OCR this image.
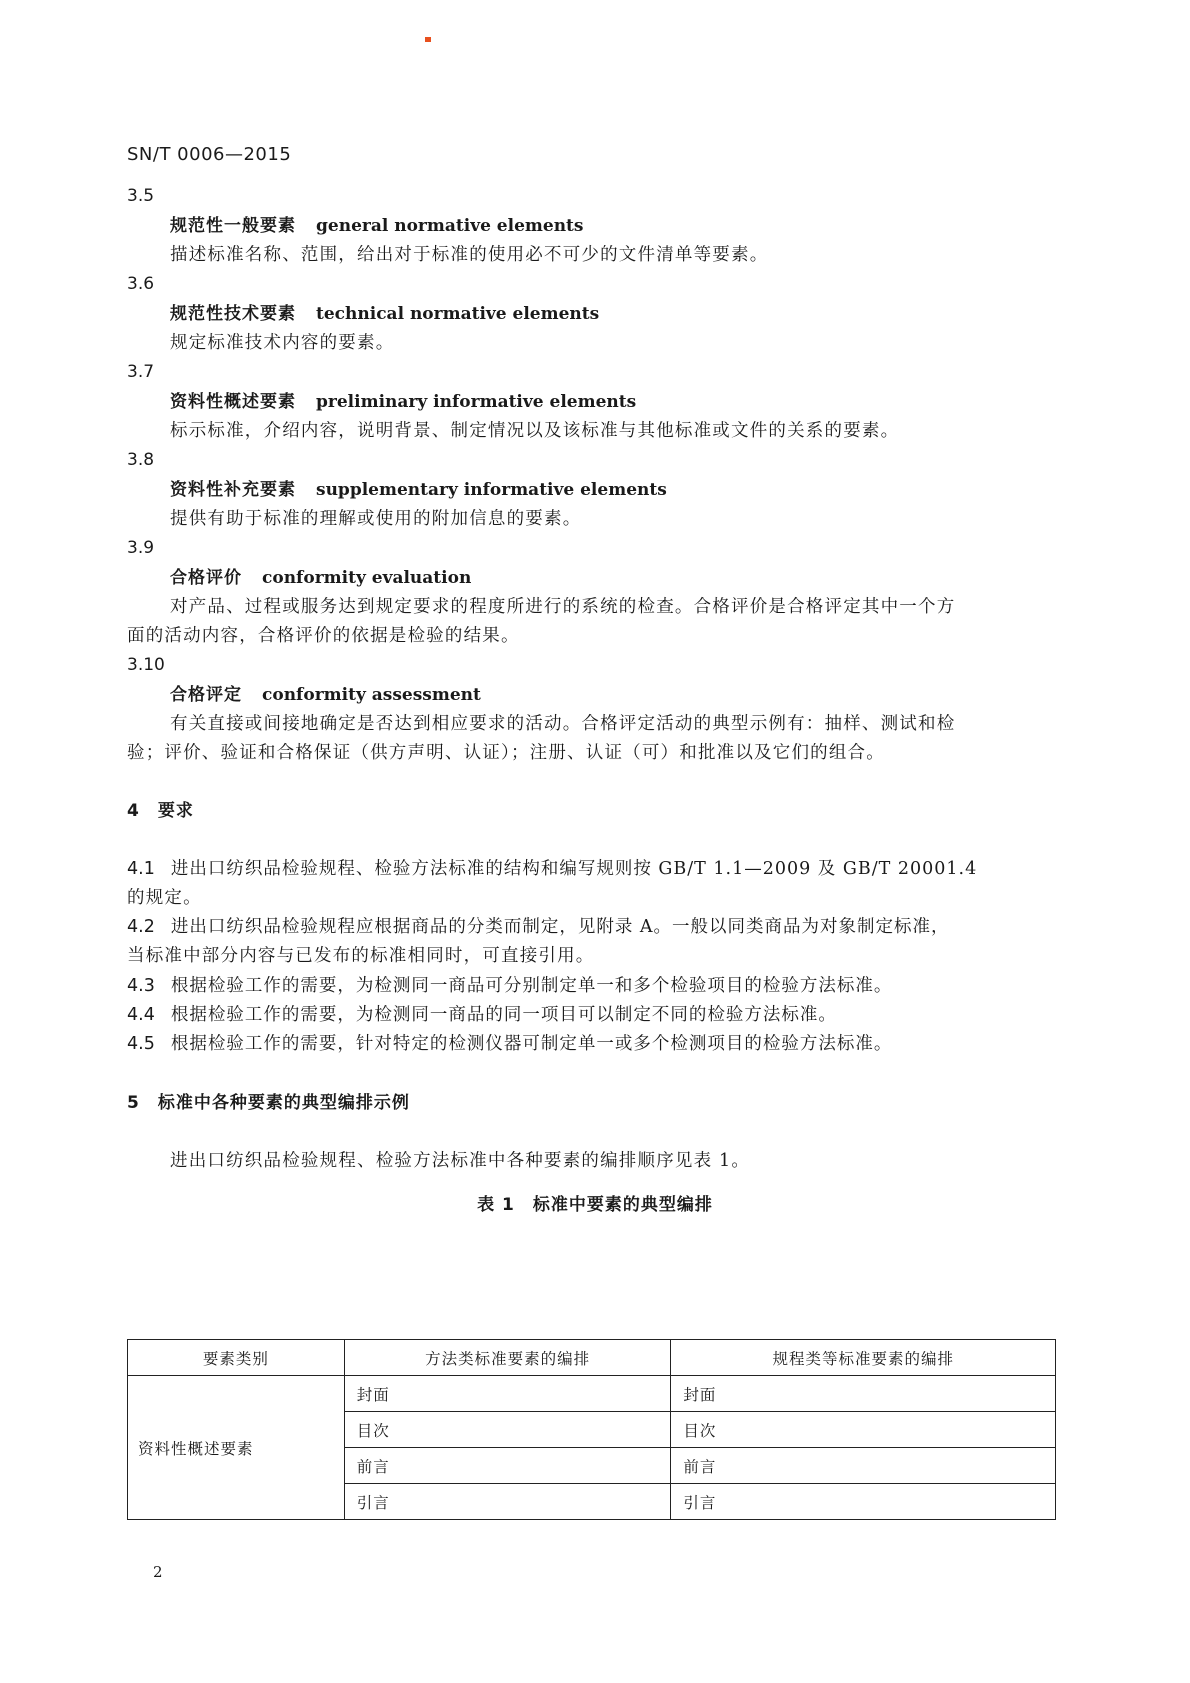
SN/T 0006—2015
3.5
规范性一般要素 general normative elements
描述标准名称、范围，给出对于标准的使用必不可少的文件清单等要素。
3.6
规范性技术要素 technical normative elements
规定标准技术内容的要素。
3.7
资料性概述要素 preliminary informative elements
标示标准，介绍内容，说明背景、制定情况以及该标准与其他标准或文件的关系的要素。
3.8
资料性补充要素 supplementary informative elements
提供有助于标准的理解或使用的附加信息的要素。
3.9
合格评价 conformity evaluation
对产品、过程或服务达到规定要求的程度所进行的系统的检查。合格评价是合格评定其中一个方
面的活动内容，合格评价的依据是检验的结果。
3.10
合格评定 conformity assessment
有关直接或间接地确定是否达到相应要求的活动。合格评定活动的典型示例有：抽样、测试和检
验；评价、验证和合格保证（供方声明、认证）；注册、认证（可）和批准以及它们的组合。
4 要求
4.1 进出口纺织品检验规程、检验方法标准的结构和编写规则按 GB/T 1.1—2009 及 GB/T 20001.4
的规定。
4.2 进出口纺织品检验规程应根据商品的分类而制定，见附录 A。一般以同类商品为对象制定标准，
当标准中部分内容与已发布的标准相同时，可直接引用。
4.3 根据检验工作的需要，为检测同一商品可分别制定单一和多个检验项目的检验方法标准。
4.4 根据检验工作的需要，为检测同一商品的同一项目可以制定不同的检验方法标准。
4.5 根据检验工作的需要，针对特定的检测仪器可制定单一或多个检测项目的检验方法标准。
5 标准中各种要素的典型编排示例
进出口纺织品检验规程、检验方法标准中各种要素的编排顺序见表 1。
表 1 标准中要素的典型编排
要素类别	方法类标准要素的编排	规程类等标准要素的编排
资料性概述要素	封面	封面
	目次	目次
	前言	前言
	引言	引言
2
